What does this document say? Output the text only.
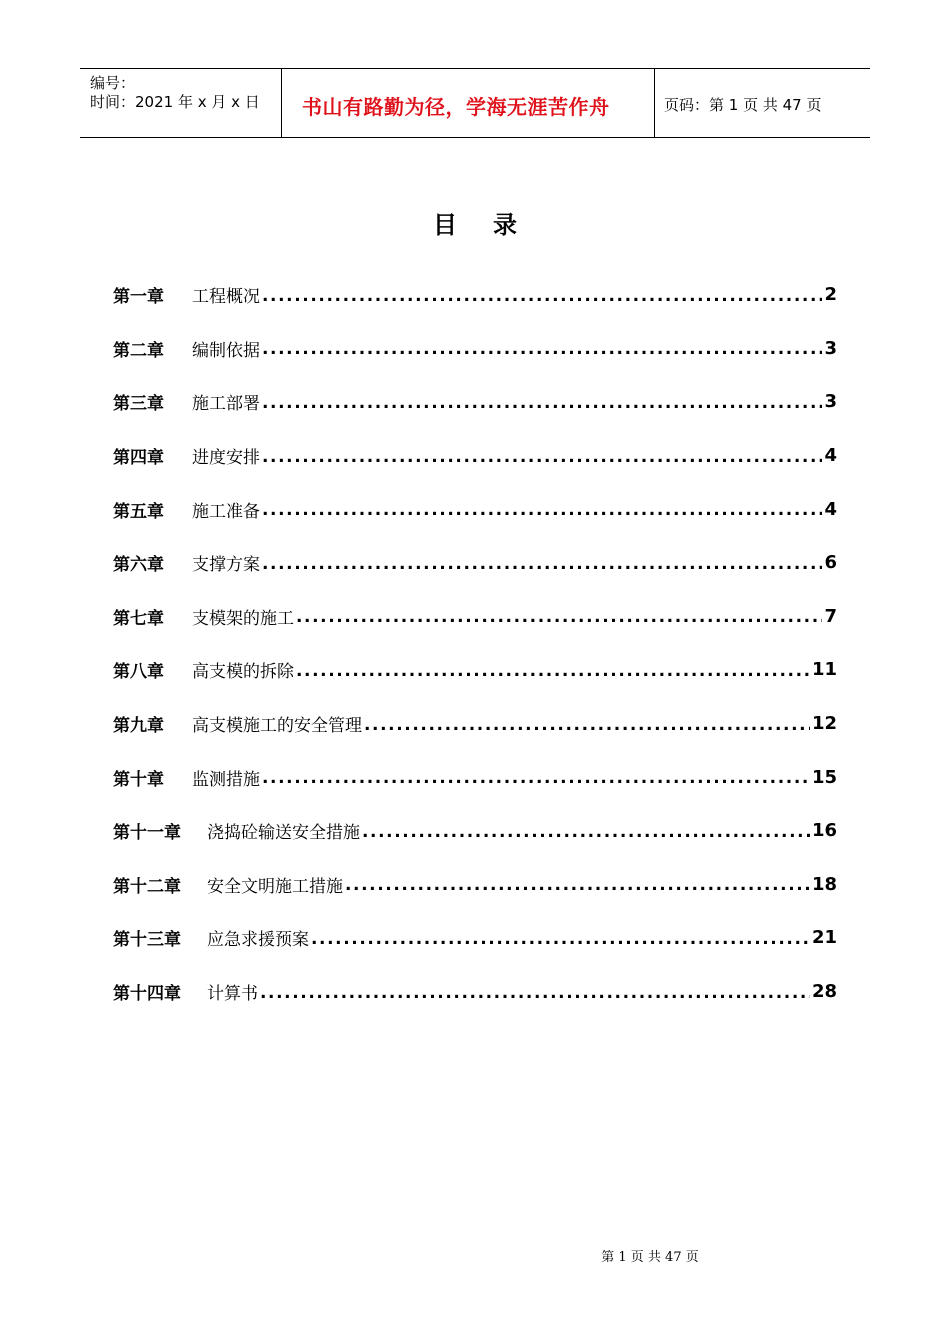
编号：
时间：2021 年 x 月 x 日 书山有路勤为径，学海无涯苦作舟	页码：第 1 页 共 47 页
目录
第一章 工程概况 .....	2
第二章 编制依据 .....	3
第三章 施工部署 .....	3
第四章 进度安排 .....	4
第五章 施工准备 .....	4
第六章 支撑方案 .....	6
第七章 支模架的施工 .....	7
第八章 高支模的拆除 .....	11
第九章 高支模施工的安全管理 .....	12
第十章 监测措施 .....	15
第十一章 浇捣砼输送安全措施 .....	16
第十二章 安全文明施工措施 .....	18
第十三章 应急求援预案 .....	21
第十四章 计算书 .....	28
第 1 页 共 47 页
